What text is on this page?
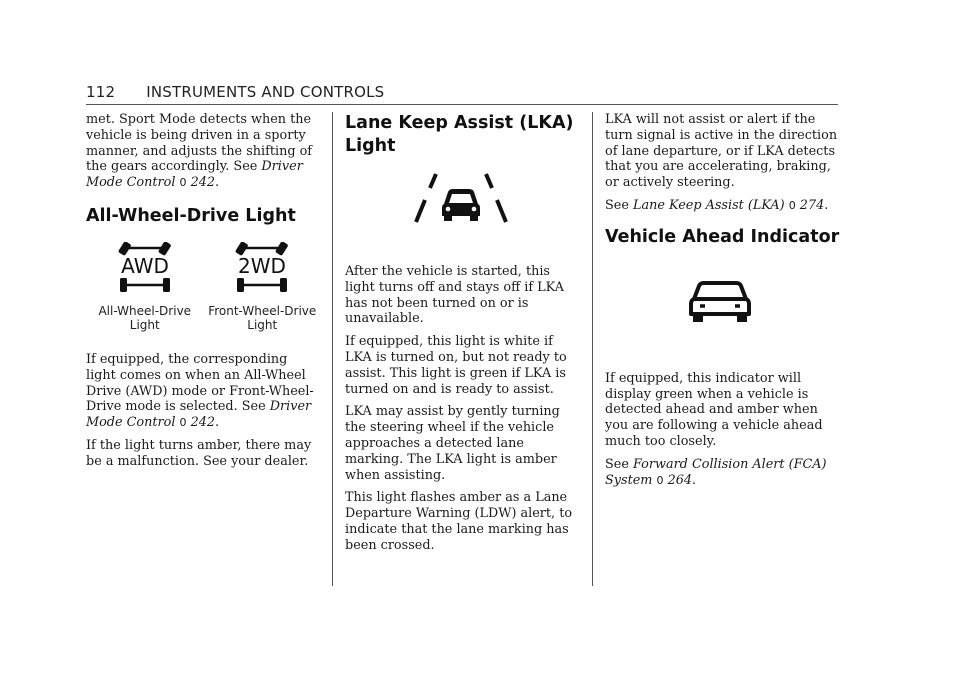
112 INSTRUMENTS AND CONTROLS

met. Sport Mode detects when the vehicle is being driven in a sporty manner, and adjusts the shifting of the gears accordingly. See Driver Mode Control 0 242.

All-Wheel-Drive Light
AWD
All-Wheel-Drive
Light
2WD
Front-Wheel-Drive
Light

If equipped, the corresponding light comes on when an All-Wheel Drive (AWD) mode or Front-Wheel-Drive mode is selected. See Driver Mode Control 0 242.

If the light turns amber, there may be a malfunction. See your dealer.

Lane Keep Assist (LKA)
Light

After the vehicle is started, this light turns off and stays off if LKA has not been turned on or is unavailable.

If equipped, this light is white if LKA is turned on, but not ready to assist. This light is green if LKA is turned on and is ready to assist.

LKA may assist by gently turning the steering wheel if the vehicle approaches a detected lane marking. The LKA light is amber when assisting.

This light flashes amber as a Lane Departure Warning (LDW) alert, to indicate that the lane marking has been crossed.

LKA will not assist or alert if the turn signal is active in the direction of lane departure, or if LKA detects that you are accelerating, braking, or actively steering.

See Lane Keep Assist (LKA) 0 274.

Vehicle Ahead Indicator

If equipped, this indicator will display green when a vehicle is detected ahead and amber when you are following a vehicle ahead much too closely.

See Forward Collision Alert (FCA) System 0 264.
